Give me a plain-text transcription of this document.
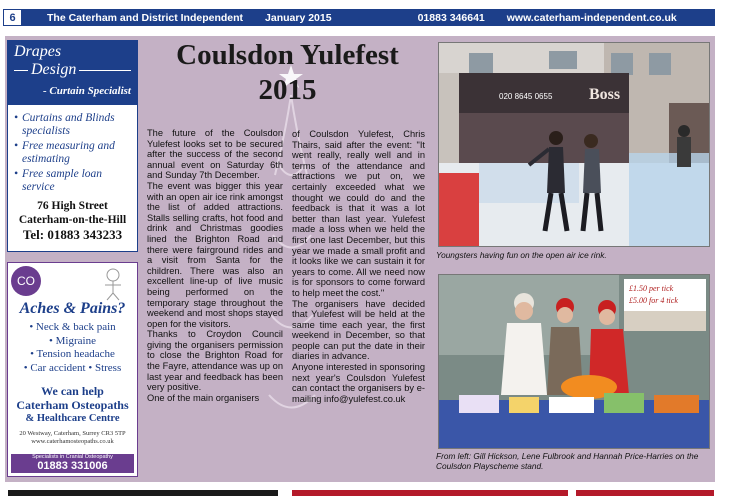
6	The Caterham and District Independent January 2015	01883 346641 www.caterham-independent.co.uk
Drapes
Design
- Curtain Specialist
• Curtains and Blinds specialists
• Free measuring and estimating
• Free sample loan service
76 High Street
Caterham-on-the-Hill
Tel: 01883 343233
CO
Aches & Pains?
• Neck & back pain
• Migraine
• Tension headache
• Car accident • Stress
We can help
Caterham Osteopaths
& Healthcare Centre
20 Westway, Caterham, Surrey CR3 5TP
www.caterhamosteopaths.co.uk
Specialists in Cranial Osteopathy
01883 331006
Coulsdon Yulefest
2015

The future of the Coulsdon Yulefest looks set to be secured after the success of the second annual event on Saturday 6th and Sunday 7th December.

The event was bigger this year with an open air ice rink amongst the list of added attractions. Stalls selling crafts, hot food and drink and Christmas goodies lined the Brighton Road and there were fairground rides and a visit from Santa for the children. There was also an excellent line-up of live music being performed on the temporary stage throughout the weekend and most shops stayed open for the visitors.

Thanks to Croydon Council giving the organisers permission to close the Brighton Road for the Fayre, attendance was up on last year and feedback has been very positive.

One of the main organisers

of Coulsdon Yulefest, Chris Thairs, said after the event: "It went really, really well and in terms of the attendance and attractions we put on, we certainly exceeded what we thought we could do and the feedback is that it was a lot better than last year. Yulefest made a loss when we held the first one last December, but this year we made a small profit and it looks like we can sustain it for years to come. All we need now is for sponsors to come forward to help meet the cost."

The organisers have decided that Yulefest will be held at the same time each year, the first weekend in December, so that people can put the date in their diaries in advance.

Anyone interested in sponsoring next year's Coulsdon Yulefest can contact the organisers by e-mailing info@yulefest.co.uk

020 8645 0655 Boss
Youngsters having fun on the open air ice rink.
£1.50 per tick
£5.00 for 4 tick
From left: Gill Hickson, Lene Fulbrook and Hannah Price-Harries on the Coulsdon Playscheme stand.
